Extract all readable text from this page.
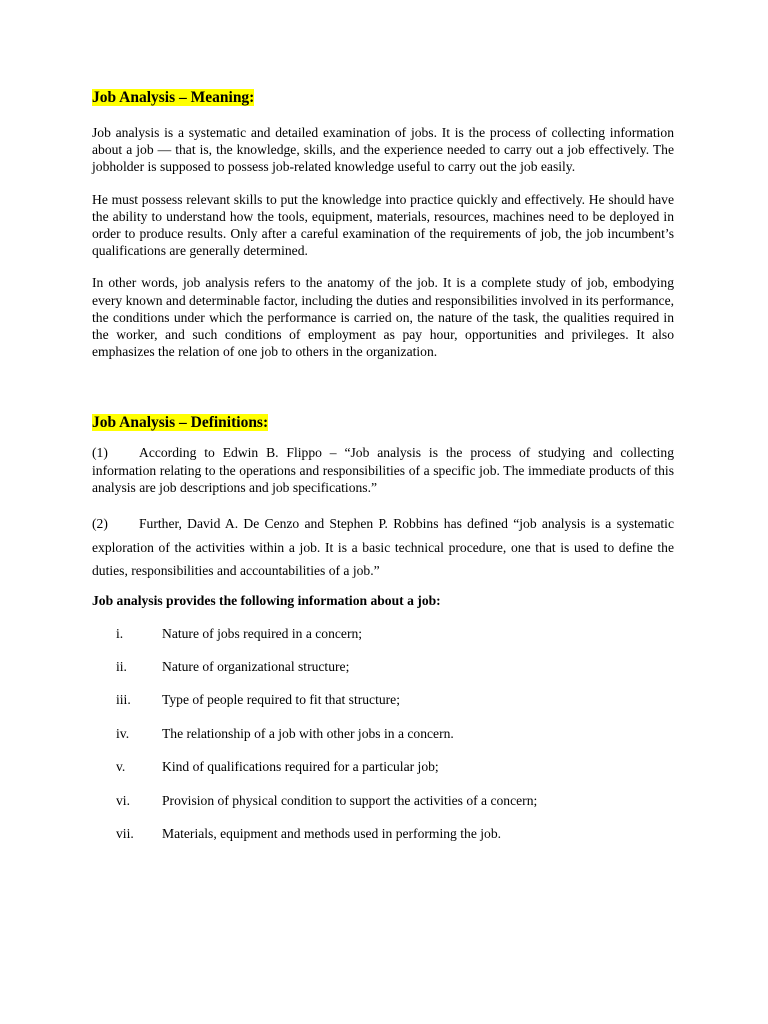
Job Analysis – Meaning:

Job analysis is a systematic and detailed examination of jobs. It is the process of collecting information about a job — that is, the knowledge, skills, and the experience needed to carry out a job effectively. The jobholder is supposed to possess job-related knowledge useful to carry out the job easily.

He must possess relevant skills to put the knowledge into practice quickly and effectively. He should have the ability to understand how the tools, equipment, materials, resources, machines need to be deployed in order to produce results. Only after a careful examination of the requirements of job, the job incumbent’s qualifications are generally determined.

In other words, job analysis refers to the anatomy of the job. It is a complete study of job, embodying every known and determinable factor, including the duties and responsibilities involved in its performance, the conditions under which the performance is carried on, the nature of the task, the qualities required in the worker, and such conditions of employment as pay hour, opportunities and privileges. It also emphasizes the relation of one job to others in the organization.

Job Analysis – Definitions:

(1) According to Edwin B. Flippo – “Job analysis is the process of studying and collecting information relating to the operations and responsibilities of a specific job. The immediate products of this analysis are job descriptions and job specifications.”

(2) Further, David A. De Cenzo and Stephen P. Robbins has defined “job analysis is a systematic exploration of the activities within a job. It is a basic technical procedure, one that is used to define the duties, responsibilities and accountabilities of a job.”

Job analysis provides the following information about a job:

i.	Nature of jobs required in a concern;
ii.	Nature of organizational structure;
iii. Type of people required to fit that structure;
iv. The relationship of a job with other jobs in a concern.
v.	Kind of qualifications required for a particular job;
vi. Provision of physical condition to support the activities of a concern;
vii. Materials, equipment and methods used in performing the job.
